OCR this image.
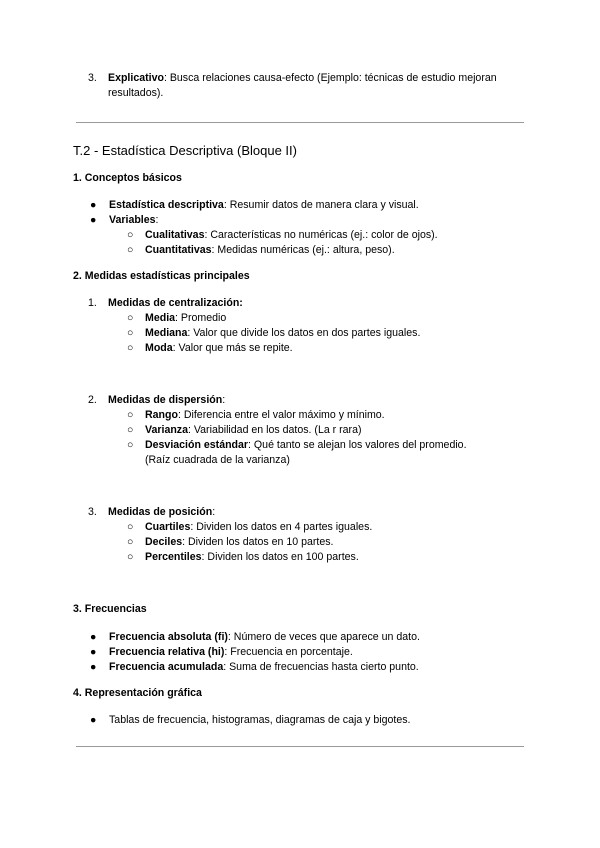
3.	Explicativo: Busca relaciones causa-efecto (Ejemplo: técnicas de estudio mejoran
resultados).
T.2 - Estadística Descriptiva (Bloque II)
1. Conceptos básicos
●	Estadística descriptiva: Resumir datos de manera clara y visual.
●	Variables:
○	Cualitativas: Características no numéricas (ej.: color de ojos).
○	Cuantitativas: Medidas numéricas (ej.: altura, peso).
2. Medidas estadísticas principales
1.	Medidas de centralización:
○	Media: Promedio
○	Mediana: Valor que divide los datos en dos partes iguales.
○	Moda: Valor que más se repite.
2.	Medidas de dispersión:
○	Rango: Diferencia entre el valor máximo y mínimo.
○	Varianza: Variabilidad en los datos. (La r rara)
○	Desviación estándar: Qué tanto se alejan los valores del promedio. (Raíz cuadrada de la varianza)
3.	Medidas de posición:
○	Cuartiles: Dividen los datos en 4 partes iguales.
○	Deciles: Dividen los datos en 10 partes.
○	Percentiles: Dividen los datos en 100 partes.
3. Frecuencias
●	Frecuencia absoluta (fi): Número de veces que aparece un dato.
●	Frecuencia relativa (hi): Frecuencia en porcentaje.
●	Frecuencia acumulada: Suma de frecuencias hasta cierto punto.
4. Representación gráfica
●	Tablas de frecuencia, histogramas, diagramas de caja y bigotes.
